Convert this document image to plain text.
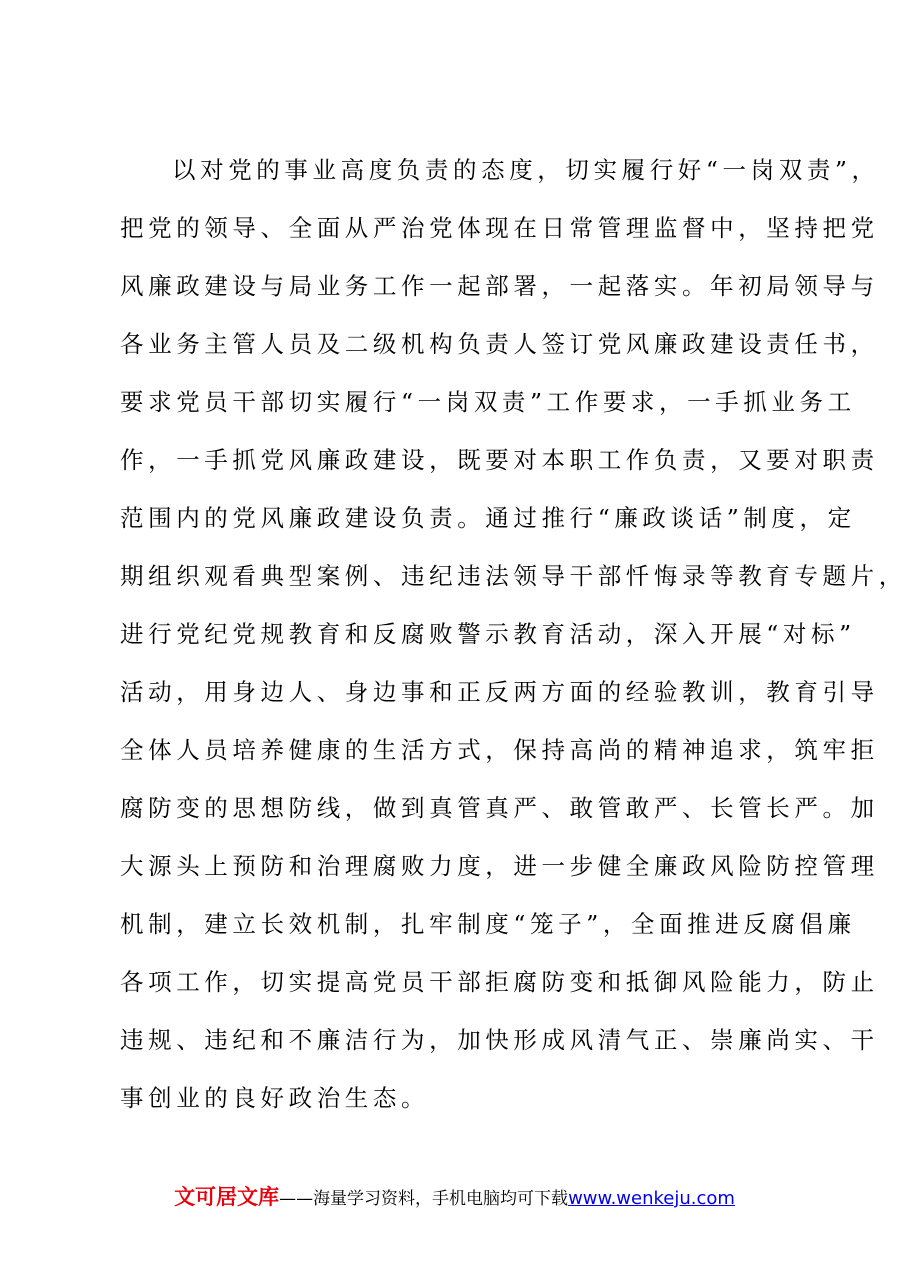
以对党的事业高度负责的态度，切实履行好“一岗双责”，
把党的领导、全面从严治党体现在日常管理监督中，坚持把党
风廉政建设与局业务工作一起部署，一起落实。年初局领导与
各业务主管人员及二级机构负责人签订党风廉政建设责任书，
要求党员干部切实履行“一岗双责”工作要求，一手抓业务工
作，一手抓党风廉政建设，既要对本职工作负责，又要对职责
范围内的党风廉政建设负责。通过推行“廉政谈话”制度，定
期组织观看典型案例、违纪违法领导干部忏悔录等教育专题片，
进行党纪党规教育和反腐败警示教育活动，深入开展“对标”
活动，用身边人、身边事和正反两方面的经验教训，教育引导
全体人员培养健康的生活方式，保持高尚的精神追求，筑牢拒
腐防变的思想防线，做到真管真严、敢管敢严、长管长严。加
大源头上预防和治理腐败力度，进一步健全廉政风险防控管理
机制，建立长效机制，扎牢制度“笼子”，全面推进反腐倡廉
各项工作，切实提高党员干部拒腐防变和抵御风险能力，防止
违规、违纪和不廉洁行为，加快形成风清气正、崇廉尚实、干
事创业的良好政治生态。
文可居文库——海量学习资料，手机电脑均可下载www.wenkeju.com
